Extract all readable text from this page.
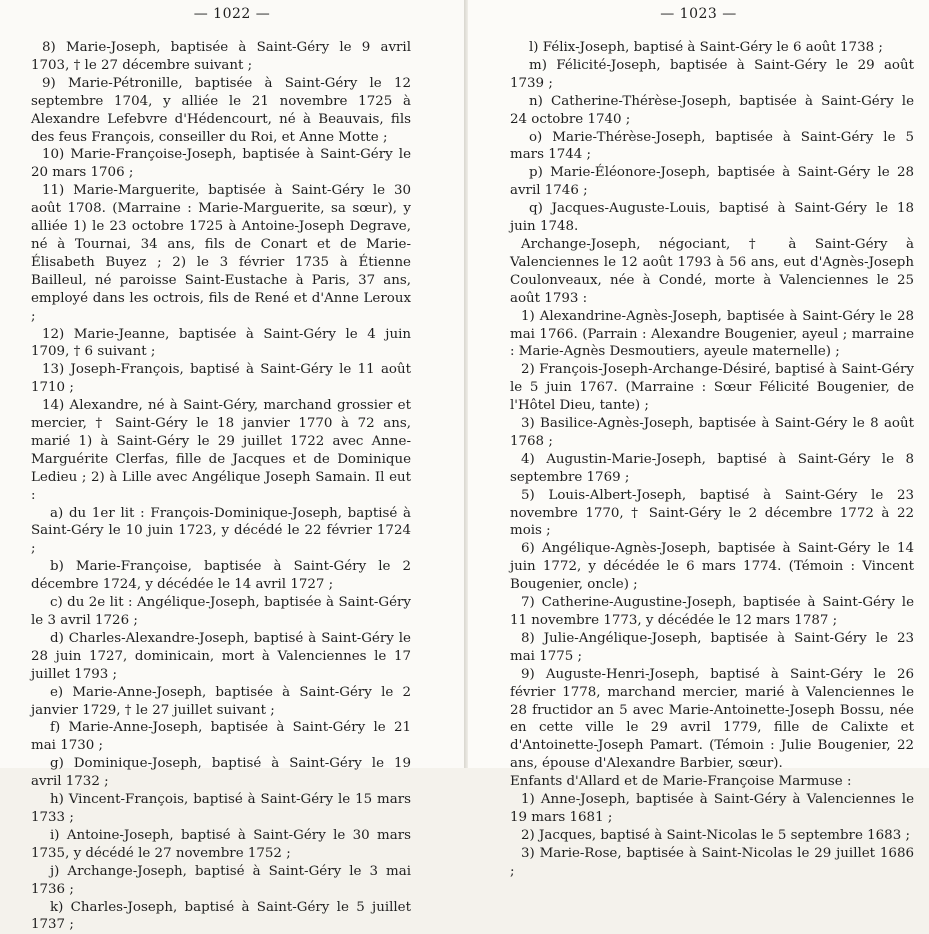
— 1022 —

8) Marie-Joseph, baptisée à Saint-Géry le 9 avril 1703, † le 27 décembre suivant ;

9) Marie-Pétronille, baptisée à Saint-Géry le 12 septembre 1704, y alliée le 21 novembre 1725 à Alexandre Lefebvre d'Hédencourt, né à Beauvais, fils des feus François, conseiller du Roi, et Anne Motte ;

10) Marie-Françoise-Joseph, baptisée à Saint-Géry le 20 mars 1706 ;

11) Marie-Marguerite, baptisée à Saint-Géry le 30 août 1708. (Marraine : Marie-Marguerite, sa sœur), y alliée 1) le 23 octobre 1725 à Antoine-Joseph Degrave, né à Tournai, 34 ans, fils de Conart et de Marie-Élisabeth Buyez ; 2) le 3 février 1735 à Étienne Bailleul, né paroisse Saint-Eustache à Paris, 37 ans, employé dans les octrois, fils de René et d'Anne Leroux ;

12) Marie-Jeanne, baptisée à Saint-Géry le 4 juin 1709, † 6 suivant ;

13) Joseph-François, baptisé à Saint-Géry le 11 août 1710 ;

14) Alexandre, né à Saint-Géry, marchand grossier et mercier, † Saint-Géry le 18 janvier 1770 à 72 ans, marié 1) à Saint-Géry le 29 juillet 1722 avec Anne-Marguérite Clerfas, fille de Jacques et de Dominique Ledieu ; 2) à Lille avec Angélique Joseph Samain. Il eut :

a) du 1er lit : François-Dominique-Joseph, baptisé à Saint-Géry le 10 juin 1723, y décédé le 22 février 1724 ;

b) Marie-Françoise, baptisée à Saint-Géry le 2 décembre 1724, y décédée le 14 avril 1727 ;

c) du 2e lit : Angélique-Joseph, baptisée à Saint-Géry le 3 avril 1726 ;

d) Charles-Alexandre-Joseph, baptisé à Saint-Géry le 28 juin 1727, dominicain, mort à Valenciennes le 17 juillet 1793 ;

e) Marie-Anne-Joseph, baptisée à Saint-Géry le 2 janvier 1729, † le 27 juillet suivant ;

f) Marie-Anne-Joseph, baptisée à Saint-Géry le 21 mai 1730 ;

g) Dominique-Joseph, baptisé à Saint-Géry le 19 avril 1732 ;

h) Vincent-François, baptisé à Saint-Géry le 15 mars 1733 ;

i) Antoine-Joseph, baptisé à Saint-Géry le 30 mars 1735, y décédé le 27 novembre 1752 ;

j) Archange-Joseph, baptisé à Saint-Géry le 3 mai 1736 ;

k) Charles-Joseph, baptisé à Saint-Géry le 5 juillet 1737 ;

— 1023 —

l) Félix-Joseph, baptisé à Saint-Géry le 6 août 1738 ;

m) Félicité-Joseph, baptisée à Saint-Géry le 29 août 1739 ;

n) Catherine-Thérèse-Joseph, baptisée à Saint-Géry le 24 octobre 1740 ;

o) Marie-Thérèse-Joseph, baptisée à Saint-Géry le 5 mars 1744 ;

p) Marie-Éléonore-Joseph, baptisée à Saint-Géry le 28 avril 1746 ;

q) Jacques-Auguste-Louis, baptisé à Saint-Géry le 18 juin 1748.

Archange-Joseph, négociant, † à Saint-Géry à Valenciennes le 12 août 1793 à 56 ans, eut d'Agnès-Joseph Coulonveaux, née à Condé, morte à Valenciennes le 25 août 1793 :

1) Alexandrine-Agnès-Joseph, baptisée à Saint-Géry le 28 mai 1766. (Parrain : Alexandre Bougenier, ayeul ; marraine : Marie-Agnès Desmoutiers, ayeule maternelle) ;

2) François-Joseph-Archange-Désiré, baptisé à Saint-Géry le 5 juin 1767. (Marraine : Sœur Félicité Bougenier, de l'Hôtel Dieu, tante) ;

3) Basilice-Agnès-Joseph, baptisée à Saint-Géry le 8 août 1768 ;

4) Augustin-Marie-Joseph, baptisé à Saint-Géry le 8 septembre 1769 ;

5) Louis-Albert-Joseph, baptisé à Saint-Géry le 23 novembre 1770, † Saint-Géry le 2 décembre 1772 à 22 mois ;

6) Angélique-Agnès-Joseph, baptisée à Saint-Géry le 14 juin 1772, y décédée le 6 mars 1774. (Témoin : Vincent Bougenier, oncle) ;

7) Catherine-Augustine-Joseph, baptisée à Saint-Géry le 11 novembre 1773, y décédée le 12 mars 1787 ;

8) Julie-Angélique-Joseph, baptisée à Saint-Géry le 23 mai 1775 ;

9) Auguste-Henri-Joseph, baptisé à Saint-Géry le 26 février 1778, marchand mercier, marié à Valenciennes le 28 fructidor an 5 avec Marie-Antoinette-Joseph Bossu, née en cette ville le 29 avril 1779, fille de Calixte et d'Antoinette-Joseph Pamart. (Témoin : Julie Bougenier, 22 ans, épouse d'Alexandre Barbier, sœur).

Enfants d'Allard et de Marie-Françoise Marmuse :

1) Anne-Joseph, baptisée à Saint-Géry à Valenciennes le 19 mars 1681 ;

2) Jacques, baptisé à Saint-Nicolas le 5 septembre 1683 ;

3) Marie-Rose, baptisée à Saint-Nicolas le 29 juillet 1686 ;
